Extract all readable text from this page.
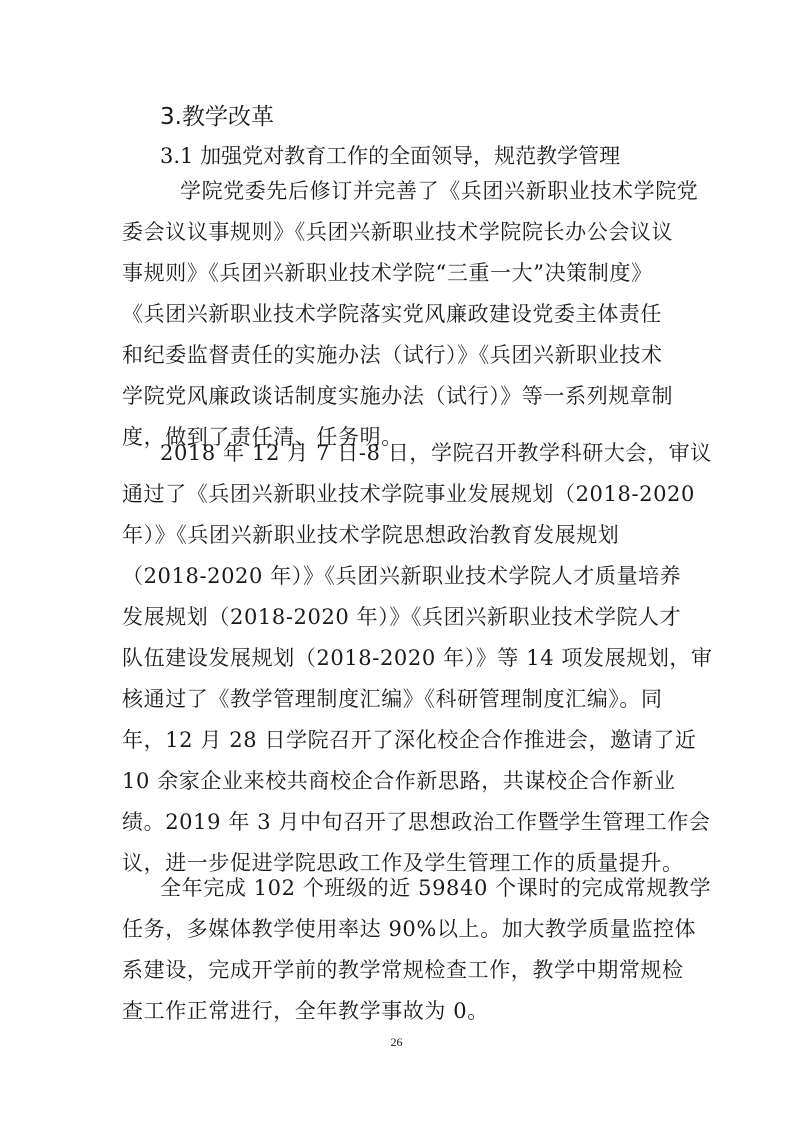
3.教学改革
3.1 加强党对教育工作的全面领导，规范教学管理
学院党委先后修订并完善了《兵团兴新职业技术学院党
委会议议事规则》《兵团兴新职业技术学院院长办公会议议
事规则》《兵团兴新职业技术学院“三重一大”决策制度》
《兵团兴新职业技术学院落实党风廉政建设党委主体责任
和纪委监督责任的实施办法（试行）》《兵团兴新职业技术
学院党风廉政谈话制度实施办法（试行）》等一系列规章制
度，做到了责任清、任务明。
2018 年 12 月 7 日-8 日，学院召开教学科研大会，审议
通过了《兵团兴新职业技术学院事业发展规划（2018-2020
年）》《兵团兴新职业技术学院思想政治教育发展规划
（2018-2020 年）》《兵团兴新职业技术学院人才质量培养
发展规划（2018-2020 年）》《兵团兴新职业技术学院人才
队伍建设发展规划（2018-2020 年）》等 14 项发展规划，审
核通过了《教学管理制度汇编》《科研管理制度汇编》。同
年，12 月 28 日学院召开了深化校企合作推进会，邀请了近
10 余家企业来校共商校企合作新思路，共谋校企合作新业
绩。2019 年 3 月中旬召开了思想政治工作暨学生管理工作会
议，进一步促进学院思政工作及学生管理工作的质量提升。
全年完成 102 个班级的近 59840 个课时的完成常规教学
任务，多媒体教学使用率达 90%以上。加大教学质量监控体
系建设，完成开学前的教学常规检查工作，教学中期常规检
查工作正常进行，全年教学事故为 0。
26
